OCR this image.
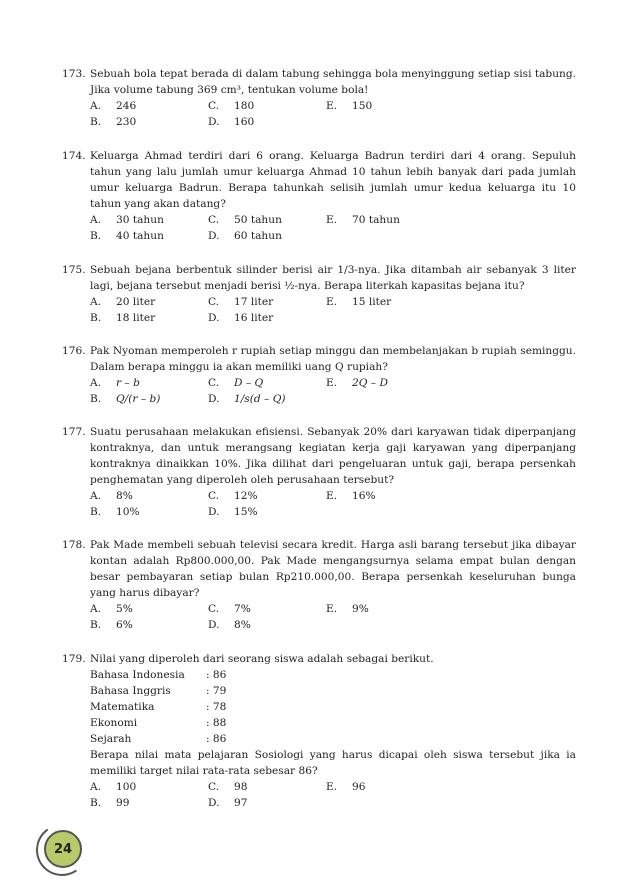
173. Sebuah bola tepat berada di dalam tabung sehingga bola menyinggung setiap sisi tabung. Jika volume tabung 369 cm³, tentukan volume bola!
A. 246	C. 180	E. 150
B. 230	D. 160
174. Keluarga Ahmad terdiri dari 6 orang. Keluarga Badrun terdiri dari 4 orang. Sepuluh tahun yang lalu jumlah umur keluarga Ahmad 10 tahun lebih banyak dari pada jumlah umur keluarga Badrun. Berapa tahunkah selisih jumlah umur kedua keluarga itu 10 tahun yang akan datang?
A. 30 tahun	C. 50 tahun	E. 70 tahun
B. 40 tahun	D. 60 tahun
175. Sebuah bejana berbentuk silinder berisi air 1/3-nya. Jika ditambah air sebanyak 3 liter lagi, bejana tersebut menjadi berisi ½-nya. Berapa literkah kapasitas bejana itu?
A. 20 liter	C. 17 liter	E. 15 liter
B. 18 liter	D. 16 liter
176. Pak Nyoman memperoleh r rupiah setiap minggu dan membelanjakan b rupiah seminggu. Dalam berapa minggu ia akan memiliki uang Q rupiah?
A. r – b	C. D – Q	E. 2Q – D
B. Q/(r – b)	D. 1/s(d – Q)
177. Suatu perusahaan melakukan efisiensi. Sebanyak 20% dari karyawan tidak diperpanjang kontraknya, dan untuk merangsang kegiatan kerja gaji karyawan yang diperpanjang kontraknya dinaikkan 10%. Jika dilihat dari pengeluaran untuk gaji, berapa persenkah penghematan yang diperoleh oleh perusahaan tersebut?
A. 8%	C. 12%	E. 16%
B. 10%	D. 15%
178. Pak Made membeli sebuah televisi secara kredit. Harga asli barang tersebut jika dibayar kontan adalah Rp800.000,00. Pak Made mengangsurnya selama empat bulan dengan besar pembayaran setiap bulan Rp210.000,00. Berapa persenkah keseluruhan bunga yang harus dibayar?
A. 5%	C. 7%	E. 9%
B. 6%	D. 8%
179. Nilai yang diperoleh dari seorang siswa adalah sebagai berikut.
Bahasa Indonesia	: 86
Bahasa Inggris	: 79
Matematika	: 78
Ekonomi	: 88
Sejarah	: 86
Berapa nilai mata pelajaran Sosiologi yang harus dicapai oleh siswa tersebut jika ia memiliki target nilai rata-rata sebesar 86?
A. 100	C. 98	E. 96
B. 99	D. 97
24
